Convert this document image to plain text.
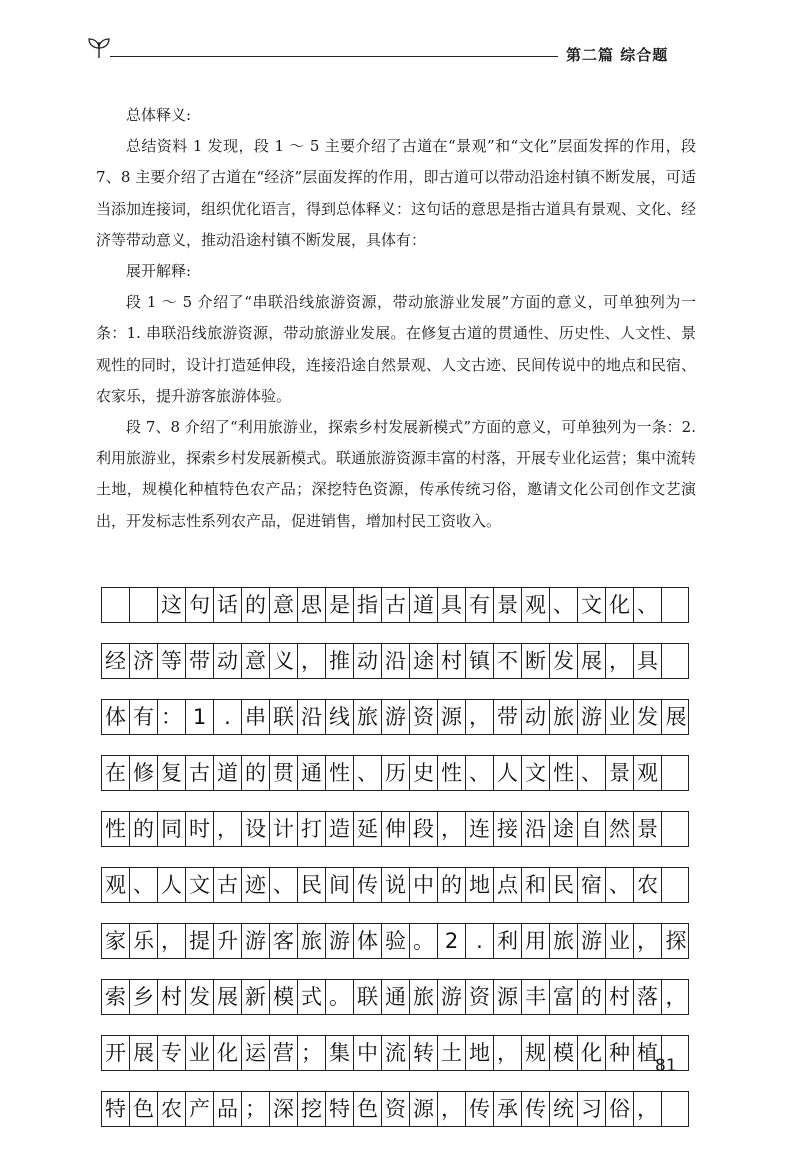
第二篇 综合题

总体释义:

总结资料 1 发现，段 1 ～ 5 主要介绍了古道在“景观”和“文化”层面发挥的作用，段 7、8 主要介绍了古道在“经济”层面发挥的作用，即古道可以带动沿途村镇不断发展，可适当添加连接词，组织优化语言，得到总体释义：这句话的意思是指古道具有景观、文化、经济等带动意义，推动沿途村镇不断发展，具体有：

展开解释:

段 1 ～ 5 介绍了“串联沿线旅游资源，带动旅游业发展”方面的意义，可单独列为一条：1. 串联沿线旅游资源，带动旅游业发展。在修复古道的贯通性、历史性、人文性、景观性的同时，设计打造延伸段，连接沿途自然景观、人文古迹、民间传说中的地点和民宿、农家乐，提升游客旅游体验。

段 7、8 介绍了“利用旅游业，探索乡村发展新模式”方面的意义，可单独列为一条：2. 利用旅游业，探索乡村发展新模式。联通旅游资源丰富的村落，开展专业化运营；集中流转土地，规模化种植特色农产品；深挖特色资源，传承传统习俗，邀请文化公司创作文艺演出，开发标志性系列农产品，促进销售，增加村民工资收入。

这 句 话 的 意 思 是 指 古 道 具 有 景 观 、 文 化 、
经 济 等 带 动 意 义 ， 推 动 沿 途 村 镇 不 断 发 展 ， 具
体 有 ： 1 . 串 联 沿 线 旅 游 资 源 ， 带 动 旅 游 业 发 展
在 修 复 古 道 的 贯 通 性 、 历 史 性 、 人 文 性 、 景 观
性 的 同 时 ， 设 计 打 造 延 伸 段 ， 连 接 沿 途 自 然 景
观 、 人 文 古 迹 、 民 间 传 说 中 的 地 点 和 民 宿 、 农
家 乐 ， 提 升 游 客 旅 游 体 验 。 2 . 利 用 旅 游 业 ， 探
索 乡 村 发 展 新 模 式 。 联 通 旅 游 资 源 丰 富 的 村 落 ，
开 展 专 业 化 运 营 ； 集 中 流 转 土 地 ， 规 模 化 种 植
特 色 农 产 品 ； 深 挖 特 色 资 源 ， 传 承 传 统 习 俗 ，
81
